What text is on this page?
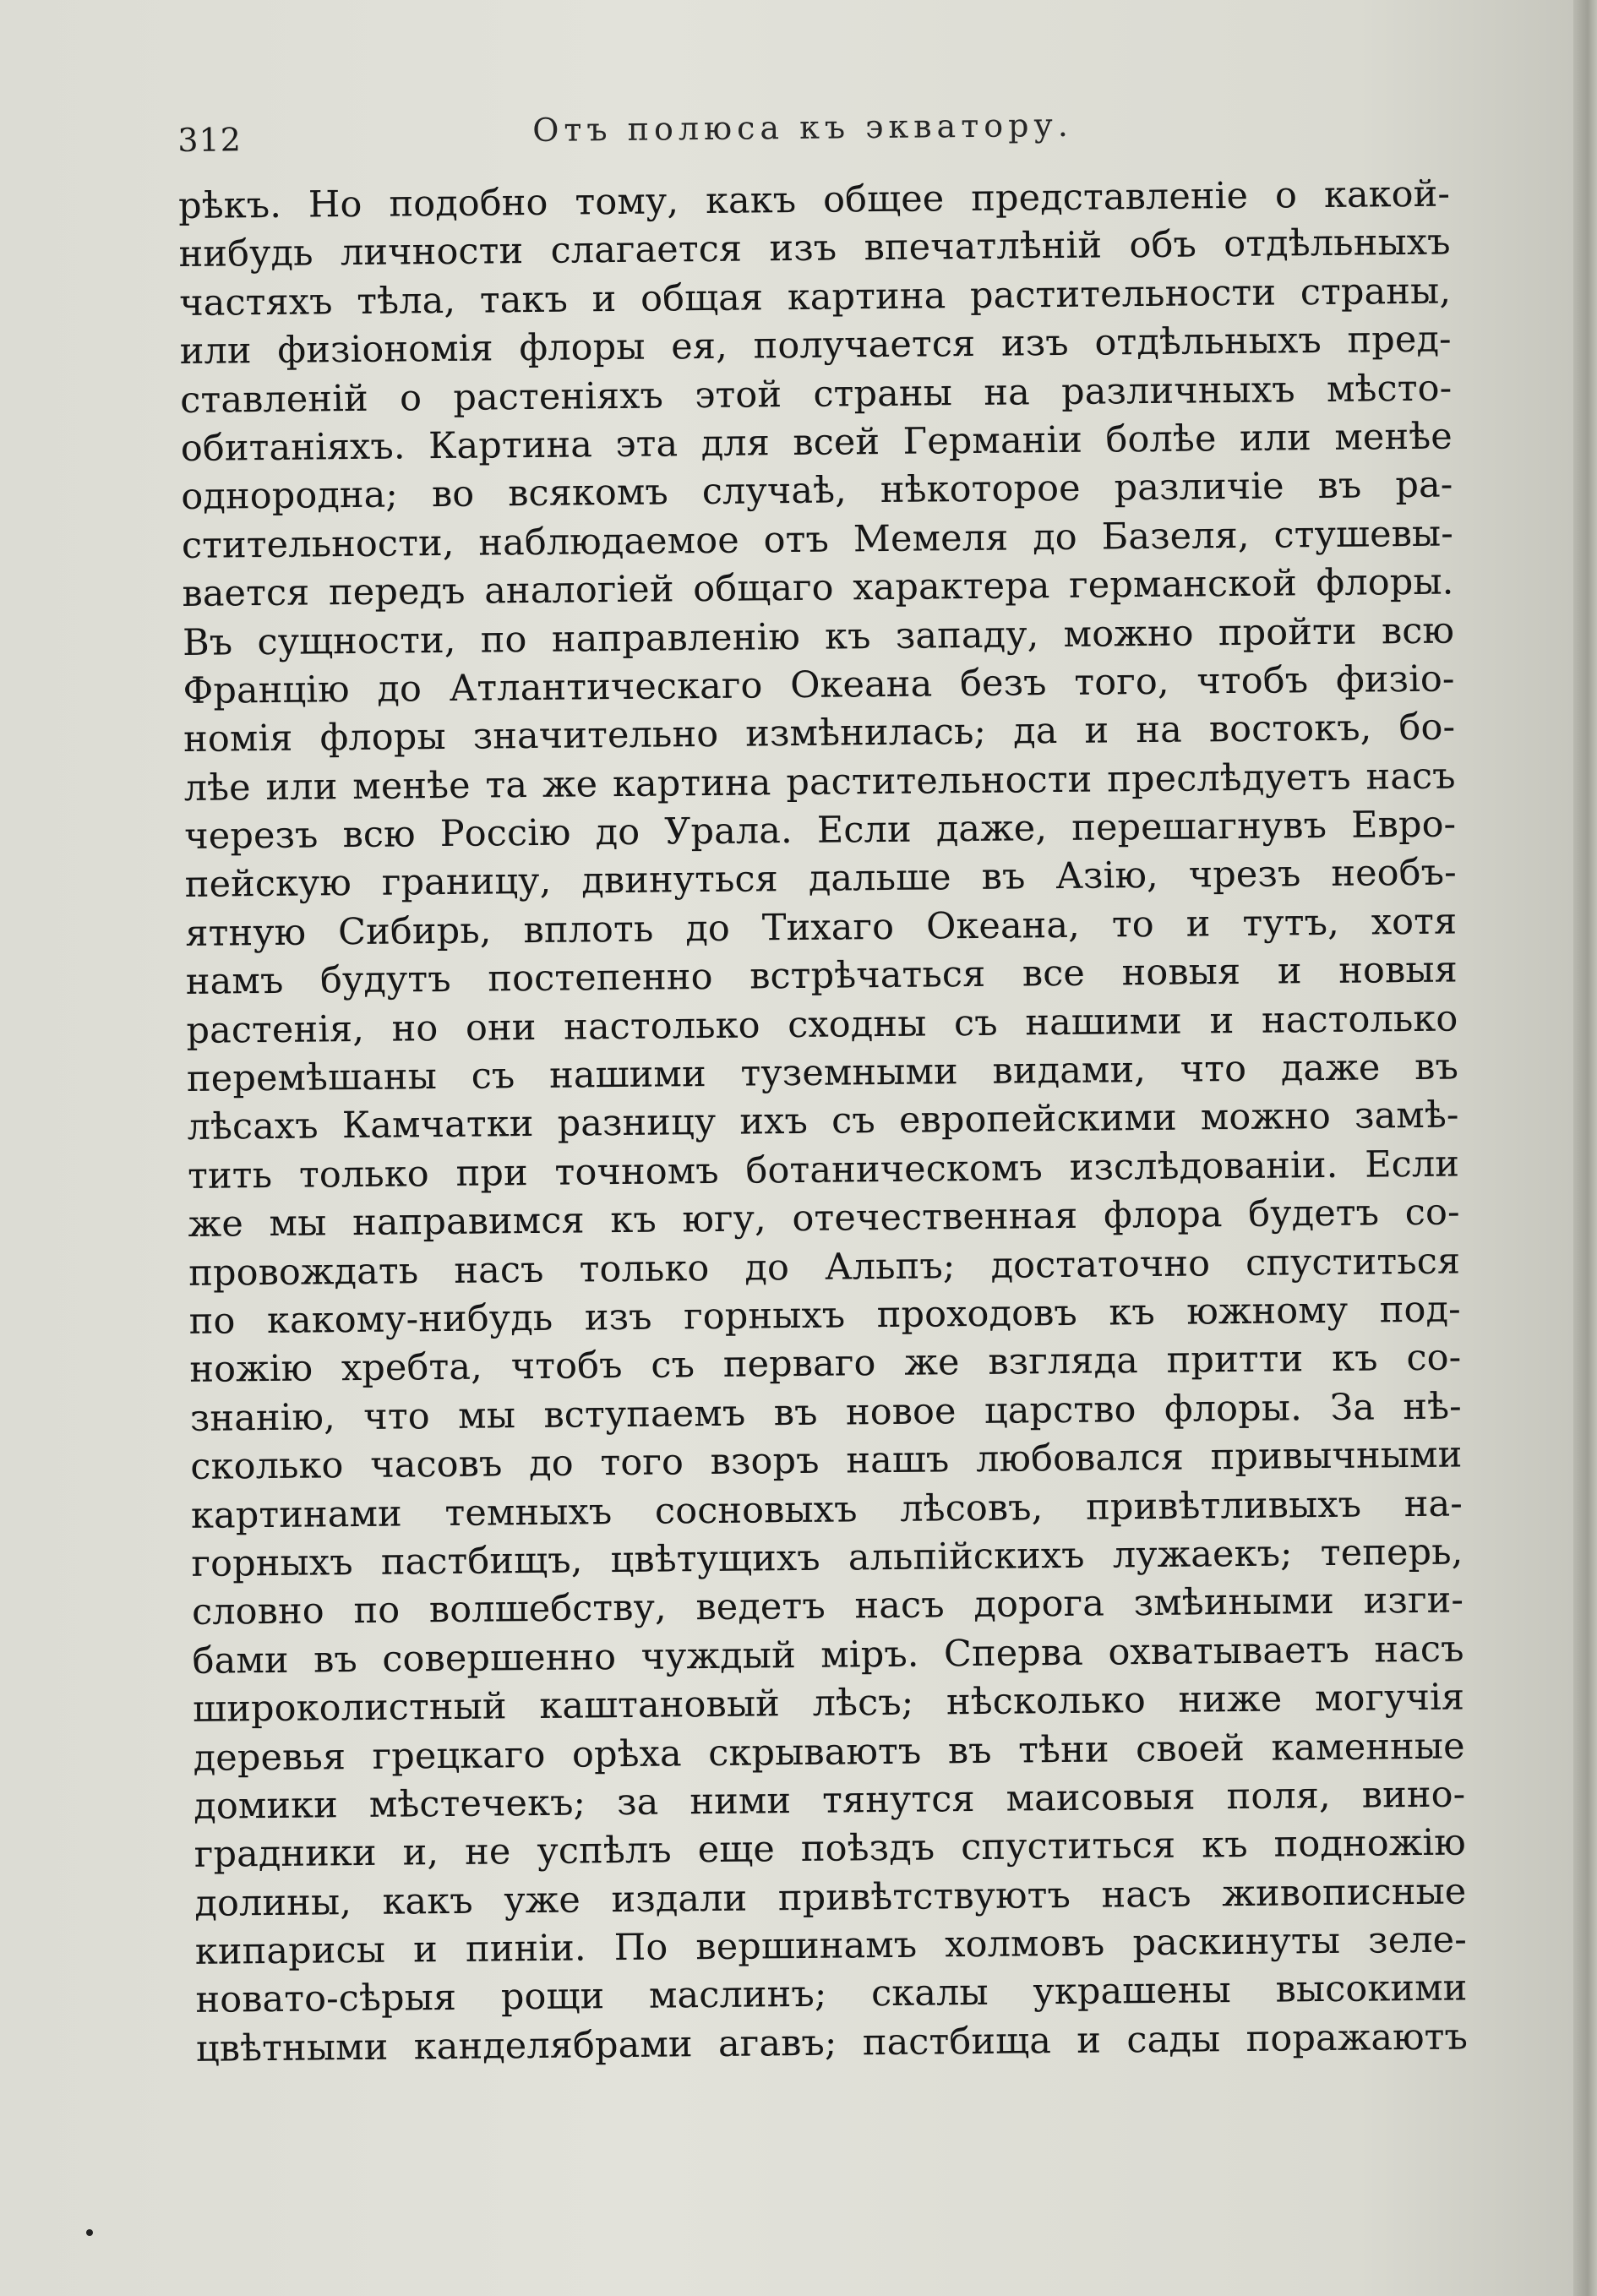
312	Отъ полюса къ экватору.
рѣкъ. Но подобно тому, какъ общее представленіе о какой-
нибудь личности слагается изъ впечатлѣній объ отдѣльныхъ
частяхъ тѣла, такъ и общая картина растительности страны,
или физіономія флоры ея, получается изъ отдѣльныхъ пред-
ставленій о растеніяхъ этой страны на различныхъ мѣсто-
обитаніяхъ. Картина эта для всей Германіи болѣе или менѣе
однородна; во всякомъ случаѣ, нѣкоторое различіе въ ра-
стительности, наблюдаемое отъ Мемеля до Базеля, стушевы-
вается передъ аналогіей общаго характера германской флоры.
Въ сущности, по направленію къ западу, можно пройти всю
Францію до Атлантическаго Океана безъ того, чтобъ физіо-
номія флоры значительно измѣнилась; да и на востокъ, бо-
лѣе или менѣе та же картина растительности преслѣдуетъ насъ
черезъ всю Россію до Урала. Если даже, перешагнувъ Евро-
пейскую границу, двинуться дальше въ Азію, чрезъ необъ-
ятную Сибирь, вплоть до Тихаго Океана, то и тутъ, хотя
намъ будутъ постепенно встрѣчаться все новыя и новыя
растенія, но они настолько сходны съ нашими и настолько
перемѣшаны съ нашими туземными видами, что даже въ
лѣсахъ Камчатки разницу ихъ съ европейскими можно замѣ-
тить только при точномъ ботаническомъ изслѣдованіи. Если
же мы направимся къ югу, отечественная флора будетъ со-
провождать насъ только до Альпъ; достаточно спуститься
по какому-нибудь изъ горныхъ проходовъ къ южному под-
ножію хребта, чтобъ съ перваго же взгляда притти къ со-
знанію, что мы вступаемъ въ новое царство флоры. За нѣ-
сколько часовъ до того взоръ нашъ любовался привычными
картинами темныхъ сосновыхъ лѣсовъ, привѣтливыхъ на-
горныхъ пастбищъ, цвѣтущихъ альпійскихъ лужаекъ; теперь,
словно по волшебству, ведетъ насъ дорога змѣиными изги-
бами въ совершенно чуждый міръ. Сперва охватываетъ насъ
широколистный каштановый лѣсъ; нѣсколько ниже могучія
деревья грецкаго орѣха скрываютъ въ тѣни своей каменные
домики мѣстечекъ; за ними тянутся маисовыя поля, вино-
градники и, не успѣлъ еще поѣздъ спуститься къ подножію
долины, какъ уже издали привѣтствуютъ насъ живописные
кипарисы и пиніи. По вершинамъ холмовъ раскинуты зеле-
новато-сѣрыя рощи маслинъ; скалы украшены высокими
цвѣтными канделябрами агавъ; пастбища и сады поражаютъ
